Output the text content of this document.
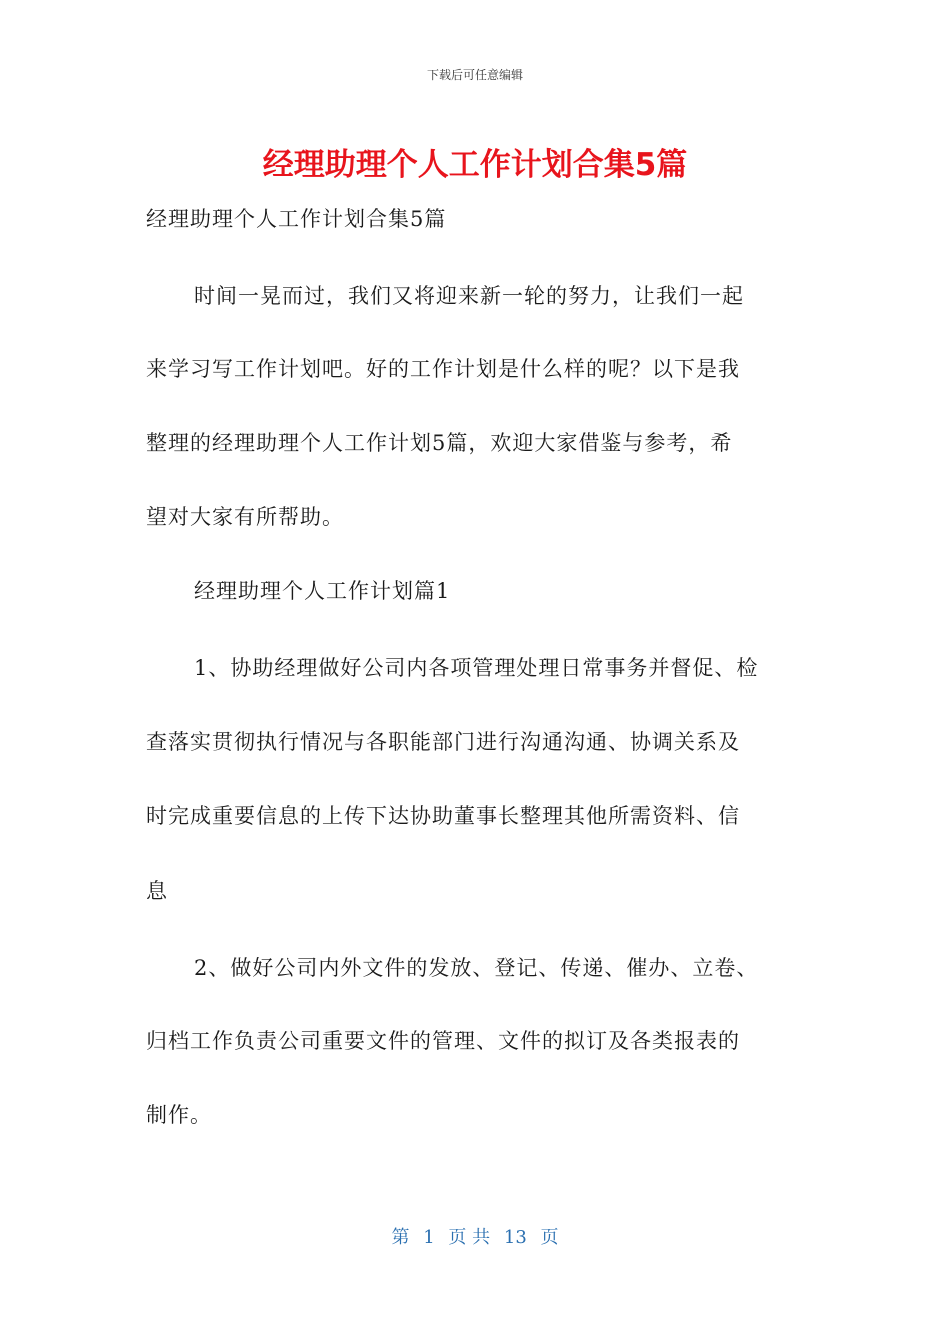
下载后可任意编辑
经理助理个人工作计划合集5篇
经理助理个人工作计划合集5篇
时间一晃而过，我们又将迎来新一轮的努力，让我们一起
来学习写工作计划吧。好的工作计划是什么样的呢？以下是我
整理的经理助理个人工作计划5篇，欢迎大家借鉴与参考，希
望对大家有所帮助。
经理助理个人工作计划篇1
1、协助经理做好公司内各项管理处理日常事务并督促、检
查落实贯彻执行情况与各职能部门进行沟通沟通、协调关系及
时完成重要信息的上传下达协助董事长整理其他所需资料、信
息
2、做好公司内外文件的发放、登记、传递、催办、立卷、
归档工作负责公司重要文件的管理、文件的拟订及各类报表的
制作。
第 1 页 共 13 页
